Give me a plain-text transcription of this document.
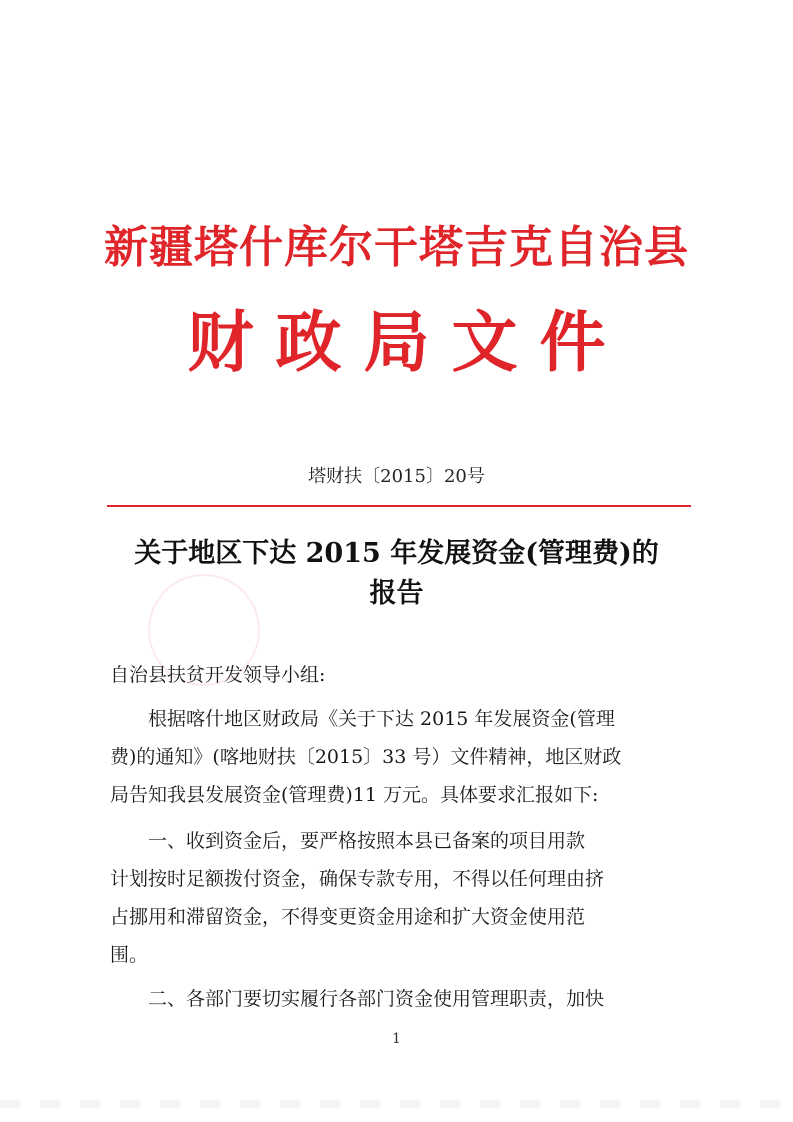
新疆塔什库尔干塔吉克自治县
财政局文件
塔财扶〔2015〕20号
关于地区下达 2015 年发展资金(管理费)的
报告
自治县扶贫开发领导小组:
　　根据喀什地区财政局《关于下达 2015 年发展资金(管理
费)的通知》(喀地财扶〔2015〕33 号）文件精神，地区财政
局告知我县发展资金(管理费)11 万元。具体要求汇报如下:
　　一、收到资金后，要严格按照本县已备案的项目用款
计划按时足额拨付资金，确保专款专用，不得以任何理由挤
占挪用和滞留资金，不得变更资金用途和扩大资金使用范
围。
　　二、各部门要切实履行各部门资金使用管理职责，加快
1
